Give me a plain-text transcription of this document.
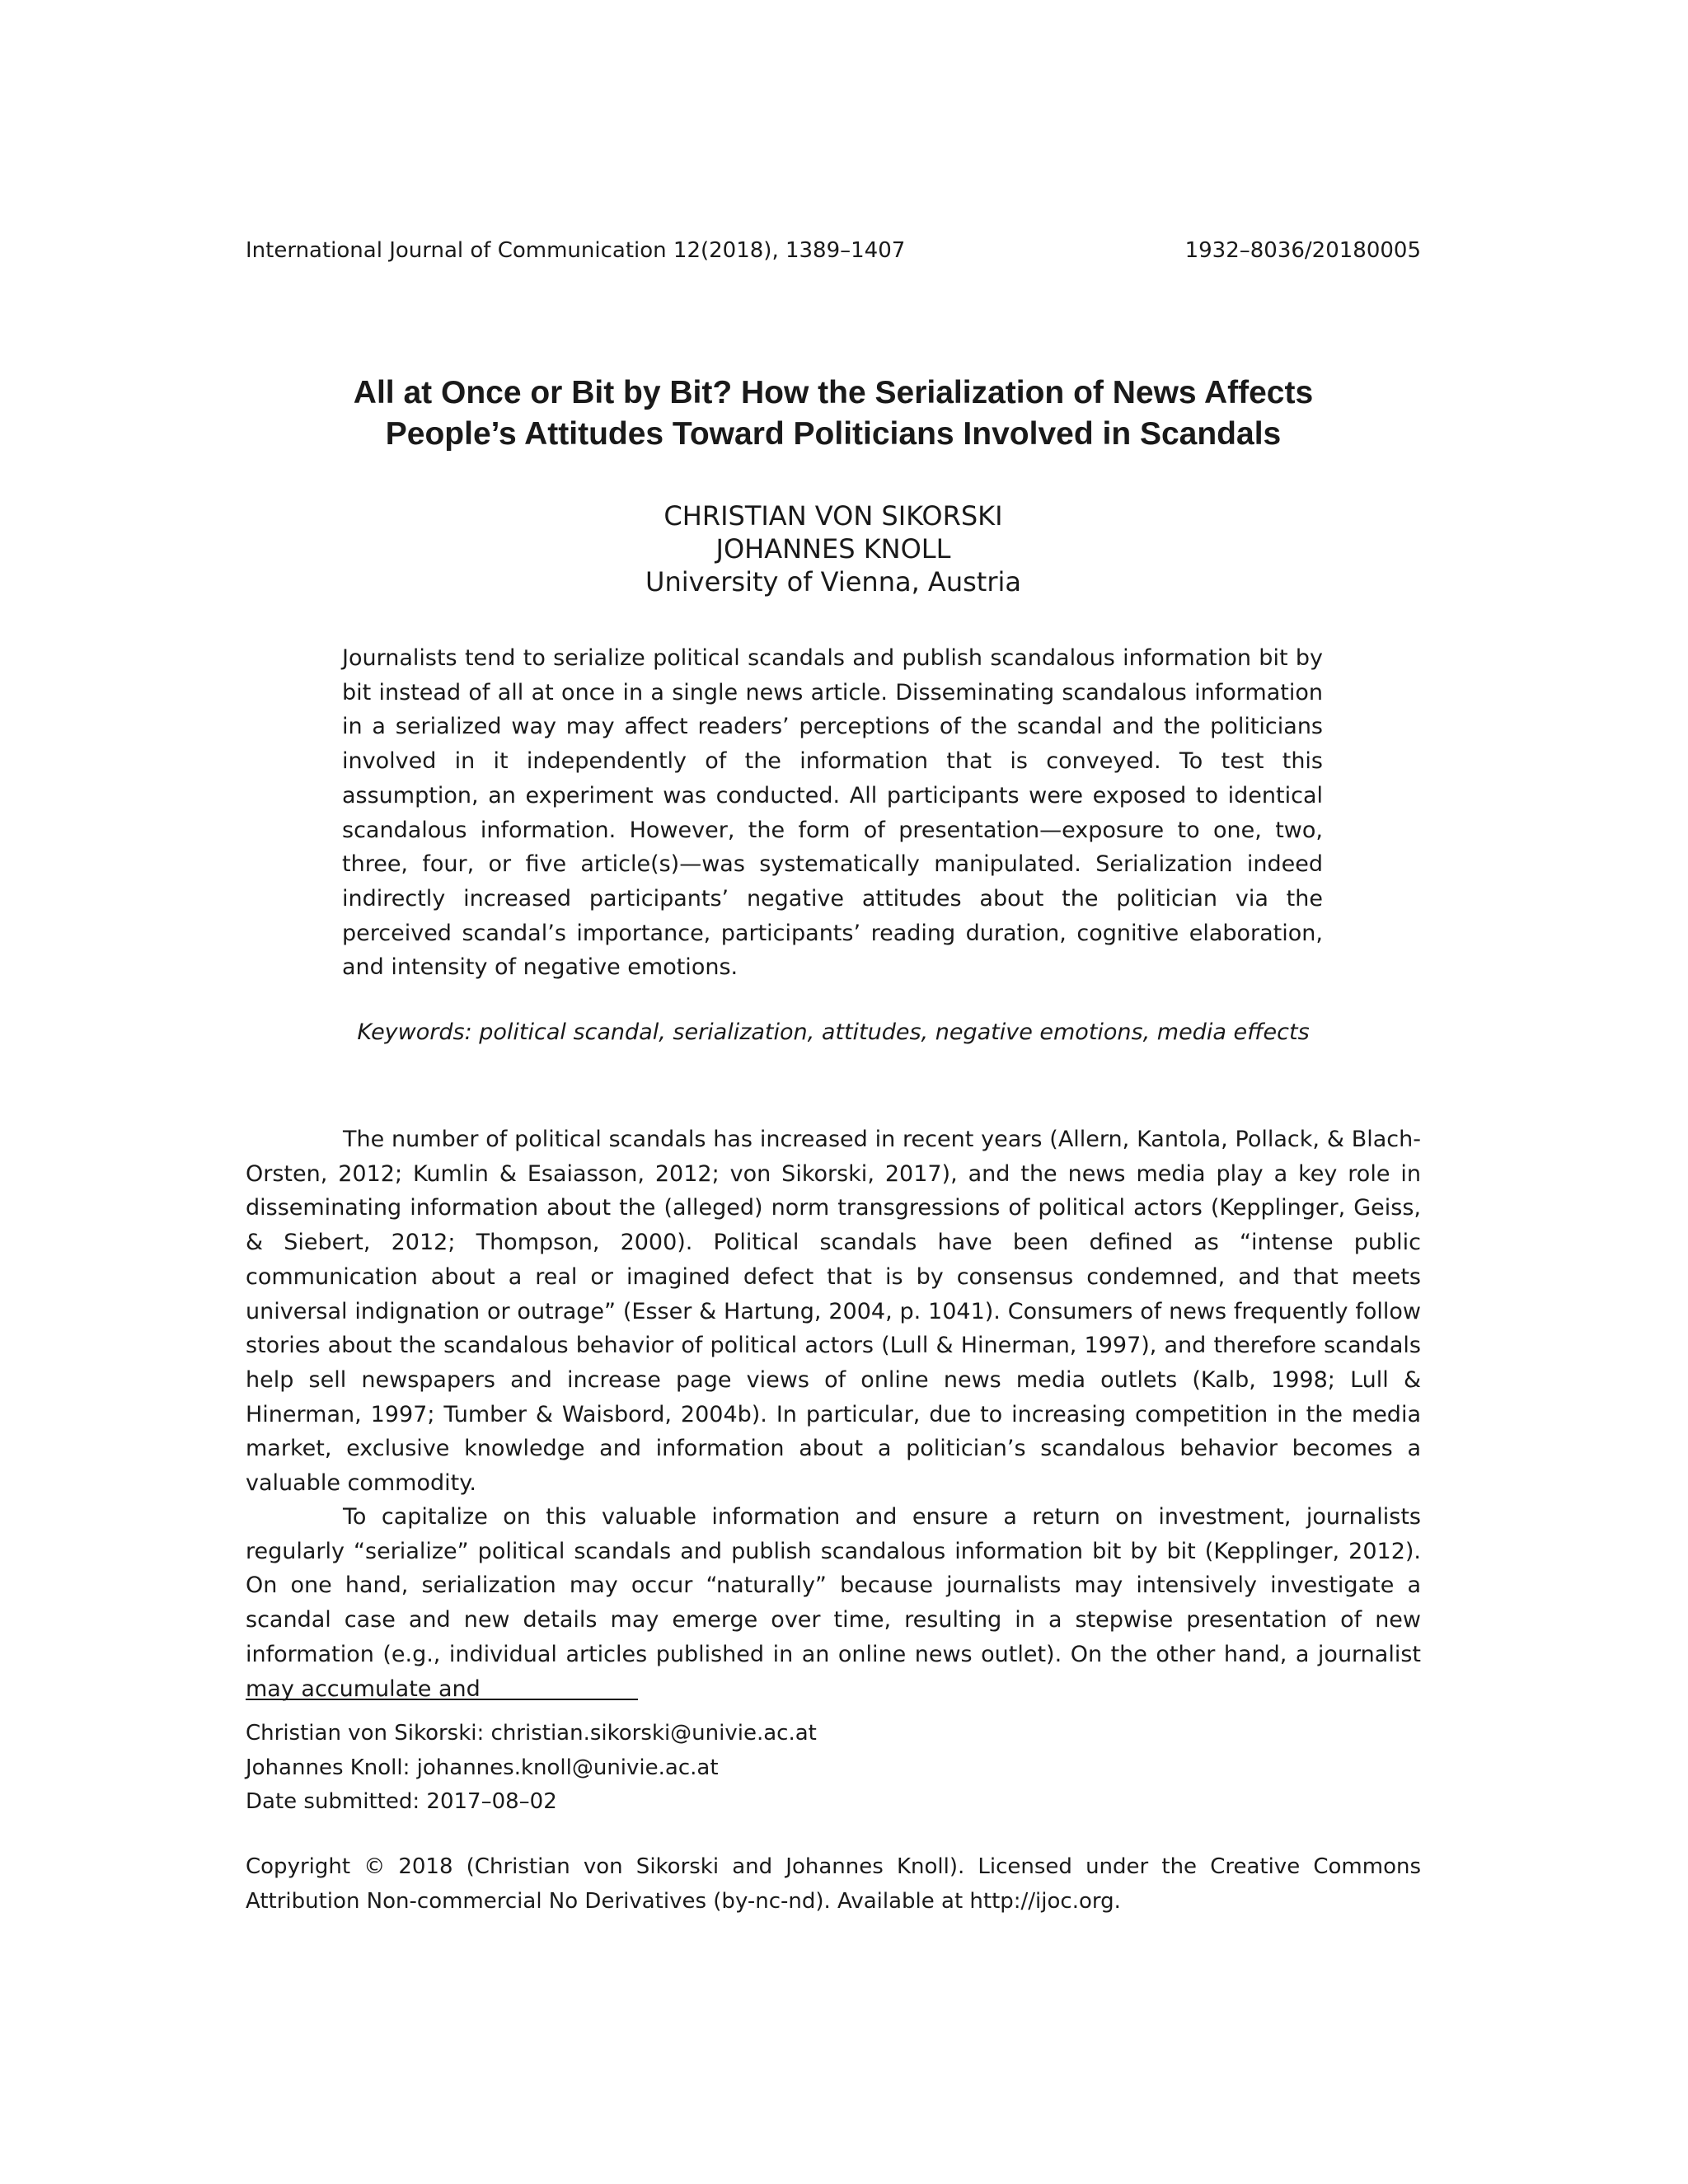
International Journal of Communication 12(2018), 1389–1407	1932–8036/20180005
All at Once or Bit by Bit? How the Serialization of News Affects
People’s Attitudes Toward Politicians Involved in Scandals
CHRISTIAN VON SIKORSKI
JOHANNES KNOLL
University of Vienna, Austria

Journalists tend to serialize political scandals and publish scandalous information bit by bit instead of all at once in a single news article. Disseminating scandalous information in a serialized way may affect readers’ perceptions of the scandal and the politicians involved in it independently of the information that is conveyed. To test this assumption, an experiment was conducted. All participants were exposed to identical scandalous information. However, the form of presentation—exposure to one, two, three, four, or five article(s)—was systematically manipulated. Serialization indeed indirectly increased participants’ negative attitudes about the politician via the perceived scandal’s importance, participants’ reading duration, cognitive elaboration, and intensity of negative emotions.

Keywords: political scandal, serialization, attitudes, negative emotions, media effects

The number of political scandals has increased in recent years (Allern, Kantola, Pollack, & Blach-Orsten, 2012; Kumlin & Esaiasson, 2012; von Sikorski, 2017), and the news media play a key role in disseminating information about the (alleged) norm transgressions of political actors (Kepplinger, Geiss, & Siebert, 2012; Thompson, 2000). Political scandals have been defined as “intense public communication about a real or imagined defect that is by consensus condemned, and that meets universal indignation or outrage” (Esser & Hartung, 2004, p. 1041). Consumers of news frequently follow stories about the scandalous behavior of political actors (Lull & Hinerman, 1997), and therefore scandals help sell newspapers and increase page views of online news media outlets (Kalb, 1998; Lull & Hinerman, 1997; Tumber & Waisbord, 2004b). In particular, due to increasing competition in the media market, exclusive knowledge and information about a politician’s scandalous behavior becomes a valuable commodity.

To capitalize on this valuable information and ensure a return on investment, journalists regularly “serialize” political scandals and publish scandalous information bit by bit (Kepplinger, 2012). On one hand, serialization may occur “naturally” because journalists may intensively investigate a scandal case and new details may emerge over time, resulting in a stepwise presentation of new information (e.g., individual articles published in an online news outlet). On the other hand, a journalist may accumulate and

Christian von Sikorski: christian.sikorski@univie.ac.at
Johannes Knoll: johannes.knoll@univie.ac.at
Date submitted: 2017–08–02

Copyright © 2018 (Christian von Sikorski and Johannes Knoll). Licensed under the Creative Commons Attribution Non-commercial No Derivatives (by-nc-nd). Available at http://ijoc.org.
